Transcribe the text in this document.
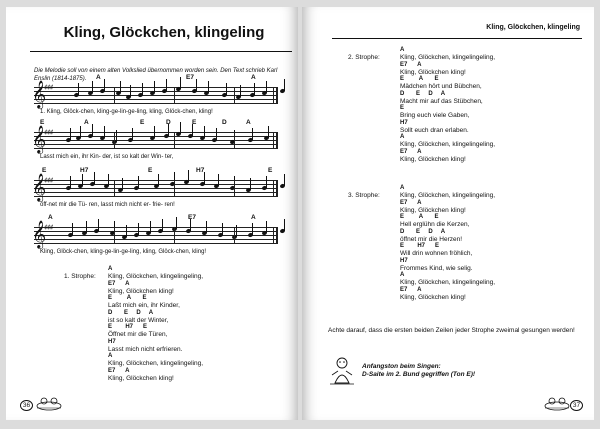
Kling, Glöckchen, klingeling
Die Melodie soll von einem alten Volkslied übernommen worden sein. Den Text schrieb Karl Enslin (1814-1875).	A	E7	A
𝄞
♯♯♯
1. Kling, Glöck-chen, kling-ge-lin-ge-ling, kling, Glöck-chen, kling!
E	A	E	D	E	D	A
𝄞
♯♯♯
Lasst mich ein, ihr Kin- der, ist so kalt der Win- ter,
E	H7	E	H7	E
𝄞
♯♯♯
öff-net mir die Tü- ren, lasst mich nicht er- frie- ren!
A	E7	A
𝄞
♯♯♯
Kling, Glöck-chen, kling-ge-lin-ge-ling, kling, Glöck-chen, kling!
1. Strophe:
A
Kling, Glöckchen, klingelingeling,
E7      A
Kling, Glöckchen kling!
E         A       E
Laßt mich ein, ihr Kinder,
D       E     D     A
ist so kalt der Winter,
E        H7      E
Öffnet mir die Türen,
H7
Lasst mich nicht erfrieren.
A
Kling, Glöckchen, klingelingeling,
E7      A
Kling, Glöckchen kling!
36
Kling, Glöckchen, klingeling
2. Strophe:
A
Kling, Glöckchen, klingelingeling,
E7      A
Kling, Glöckchen kling!
E         A       E
Mädchen hört und Bübchen,
D       E     D     A
Macht mir auf das Stübchen,
E
Bring euch viele Gaben,
H7
Sollt euch dran erlaben.
A
Kling, Glöckchen, klingelingeling,
E7      A
Kling, Glöckchen kling!
3. Strophe:
A
Kling, Glöckchen, klingelingeling,
E7      A
Kling, Glöckchen kling!
E         A       E
Hell erglühn die Kerzen,
D       E     D     A
öffnet mir die Herzen!
E        H7      E
Will drin wohnen fröhlich,
H7
Frommes Kind, wie selig.
A
Kling, Glöckchen, klingelingeling,
E7      A
Kling, Glöckchen kling!
Achte darauf, dass die ersten beiden Zeilen jeder Strophe zweimal gesungen werden!
Anfangston beim Singen:
D-Saite im 2. Bund gegriffen (Ton E)!
37
